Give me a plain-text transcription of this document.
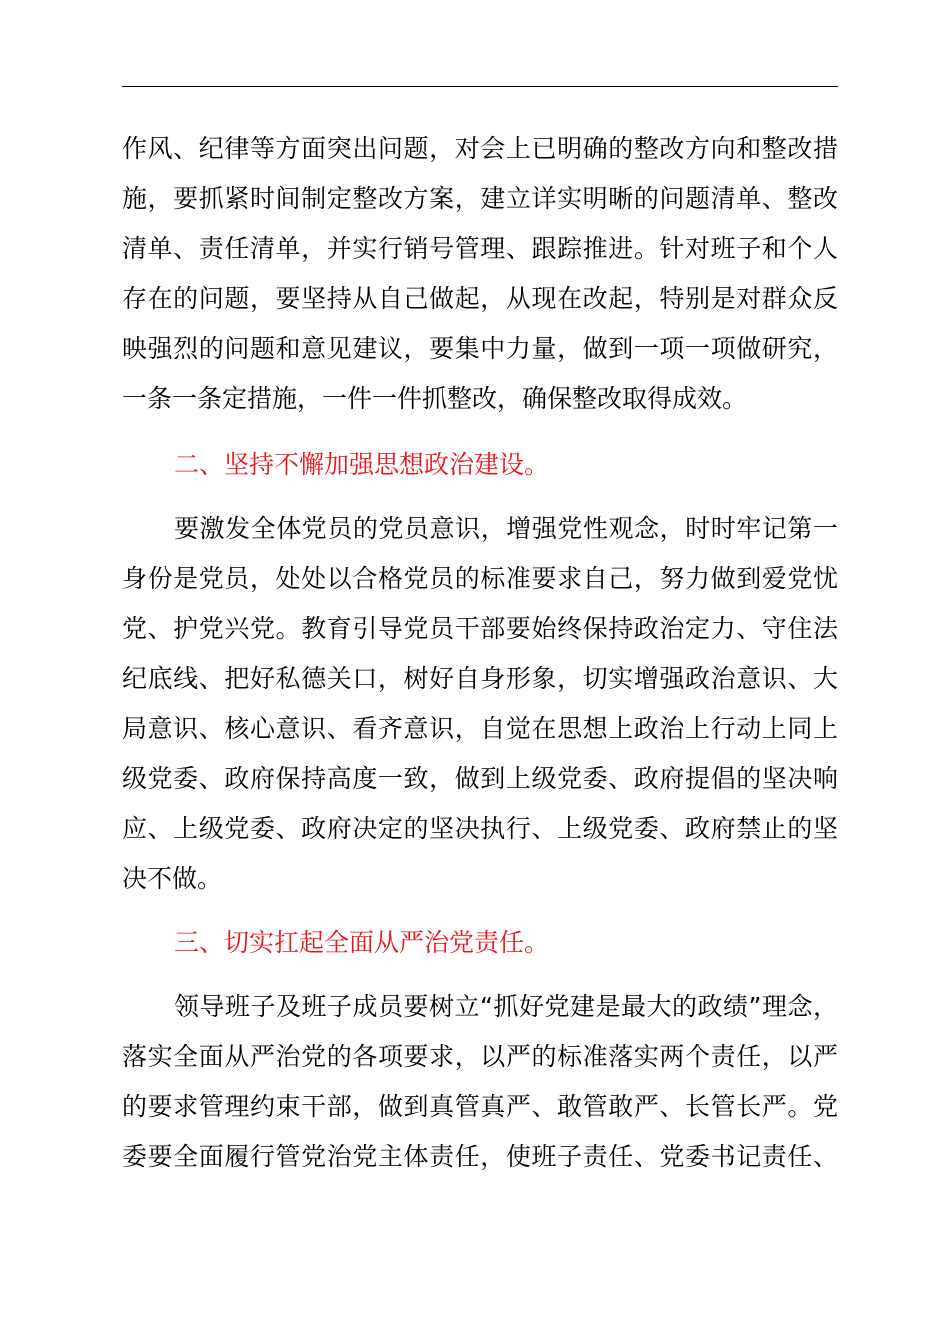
作风、纪律等方面突出问题，对会上已明确的整改方向和整改措
施，要抓紧时间制定整改方案，建立详实明晰的问题清单、整改
清单、责任清单，并实行销号管理、跟踪推进。针对班子和个人
存在的问题，要坚持从自己做起，从现在改起，特别是对群众反
映强烈的问题和意见建议，要集中力量，做到一项一项做研究，
一条一条定措施，一件一件抓整改，确保整改取得成效。
二、坚持不懈加强思想政治建设。
要激发全体党员的党员意识，增强党性观念，时时牢记第一
身份是党员，处处以合格党员的标准要求自己，努力做到爱党忧
党、护党兴党。教育引导党员干部要始终保持政治定力、守住法
纪底线、把好私德关口，树好自身形象，切实增强政治意识、大
局意识、核心意识、看齐意识，自觉在思想上政治上行动上同上
级党委、政府保持高度一致，做到上级党委、政府提倡的坚决响
应、上级党委、政府决定的坚决执行、上级党委、政府禁止的坚
决不做。
三、切实扛起全面从严治党责任。
领导班子及班子成员要树立“抓好党建是最大的政绩”理念，
落实全面从严治党的各项要求，以严的标准落实两个责任，以严
的要求管理约束干部，做到真管真严、敢管敢严、长管长严。党
委要全面履行管党治党主体责任，使班子责任、党委书记责任、
